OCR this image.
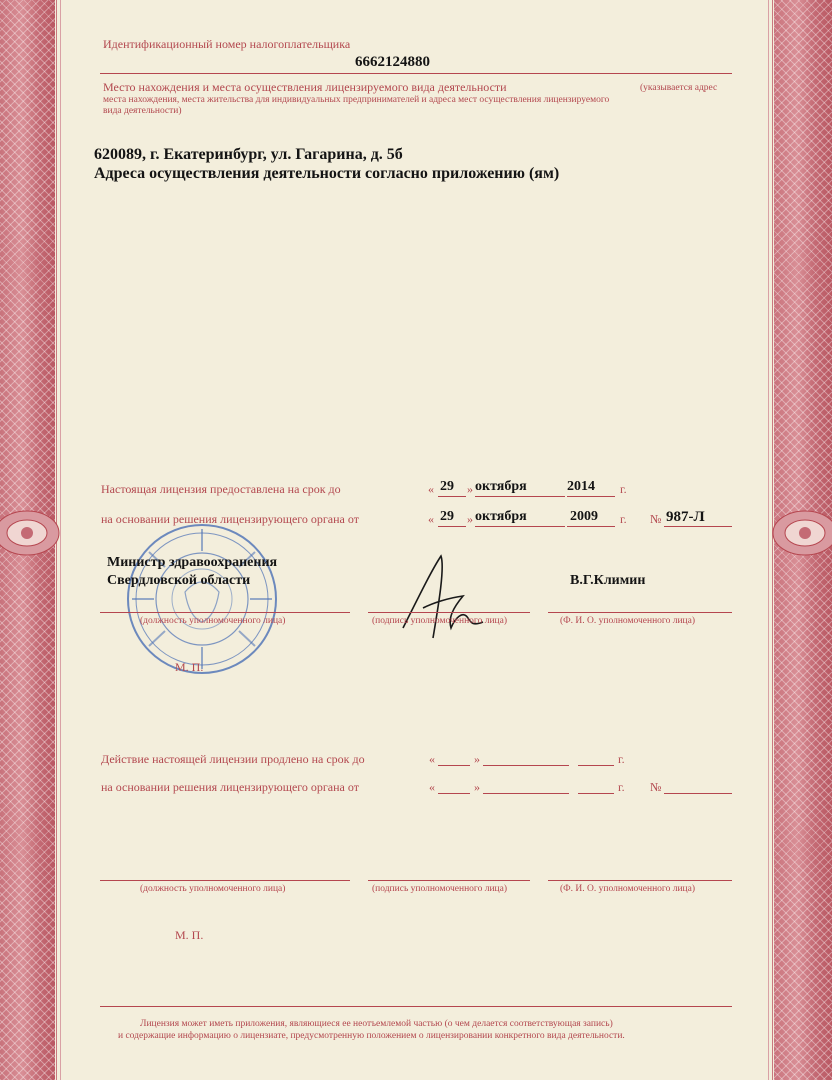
Идентификационный номер налогоплательщика
6662124880
Место нахождения и места осуществления лицензируемого вида деятельности	(указывается адрес
места нахождения, места жительства для индивидуальных предпринимателей и адреса мест осуществления лицензируемого
вида деятельности)
620089, г. Екатеринбург, ул. Гагарина, д. 5б
Адреса осуществления деятельности согласно приложению (ям)
Настоящая лицензия предоставлена на срок до	« 29 » октября	2014 г.
на основании решения лицензирующего органа от	« 29 » октября	2009 г. № 987-Л
Министр здравоохранения
Свердловской области	В.Г.Климин
(должность уполномоченного лица)	(подпись уполномоченного лица)	(Ф. И. О. уполномоченного лица)
М. П.
Действие настоящей лицензии продлено на срок до	«	»	г.
на основании решения лицензирующего органа от	«	»	г. №
(должность уполномоченного лица)	(подпись уполномоченного лица)	(Ф. И. О. уполномоченного лица)
М. П.
Лицензия может иметь приложения, являющиеся ее неотъемлемой частью (о чем делается соответствующая запись)
и содержащие информацию о лицензиате, предусмотренную положением о лицензировании конкретного вида деятельности.
